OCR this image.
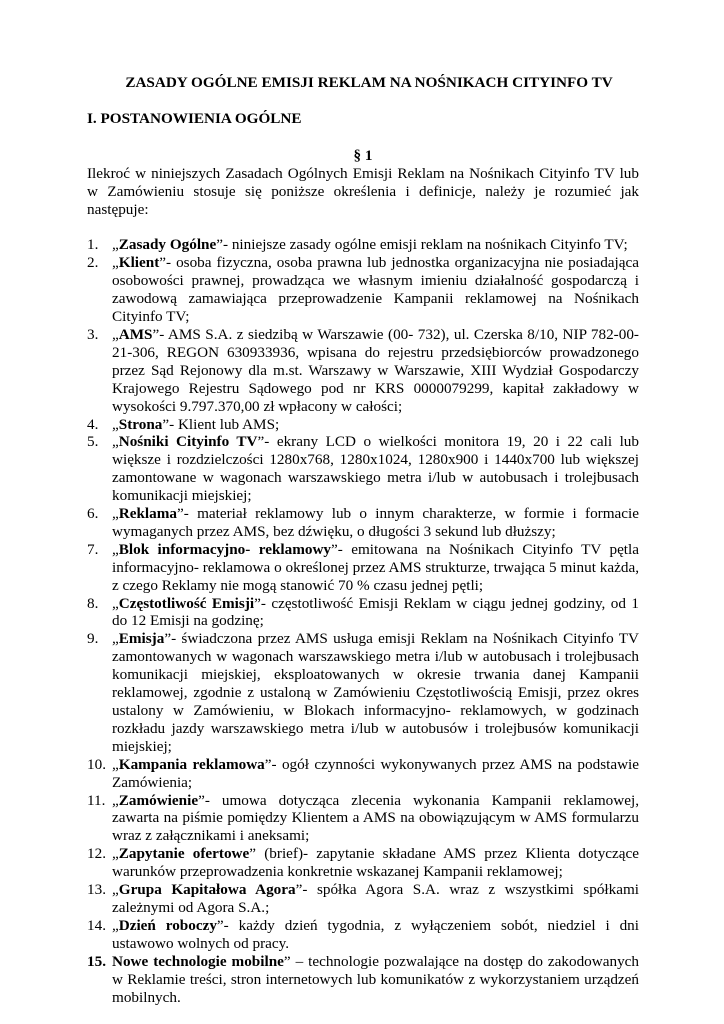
ZASADY OGÓLNE EMISJI REKLAM NA NOŚNIKACH CITYINFO TV

I. POSTANOWIENIA OGÓLNE

§ 1

Ilekroć w niniejszych Zasadach Ogólnych Emisji Reklam na Nośnikach Cityinfo TV lub w Zamówieniu stosuje się poniższe określenia i definicje, należy je rozumieć jak następuje:

1. „Zasady Ogólne”- niniejsze zasady ogólne emisji reklam na nośnikach Cityinfo TV;
2. „Klient”- osoba fizyczna, osoba prawna lub jednostka organizacyjna nie posiadająca osobowości prawnej, prowadząca we własnym imieniu działalność gospodarczą i zawodową zamawiająca przeprowadzenie Kampanii reklamowej na Nośnikach Cityinfo TV;
3. „AMS”- AMS S.A. z siedzibą w Warszawie (00- 732), ul. Czerska 8/10, NIP 782-00-21-306, REGON 630933936, wpisana do rejestru przedsiębiorców prowadzonego przez Sąd Rejonowy dla m.st. Warszawy w Warszawie, XIII Wydział Gospodarczy Krajowego Rejestru Sądowego pod nr KRS 0000079299, kapitał zakładowy w wysokości 9.797.370,00 zł wpłacony w całości;
4. „Strona”- Klient lub AMS;
5. „Nośniki Cityinfo TV”- ekrany LCD o wielkości monitora 19, 20 i 22 cali lub większe i rozdzielczości 1280x768, 1280x1024, 1280x900 i 1440x700 lub większej zamontowane w wagonach warszawskiego metra i/lub w autobusach i trolejbusach komunikacji miejskiej;
6. „Reklama”- materiał reklamowy lub o innym charakterze, w formie i formacie wymaganych przez AMS, bez dźwięku, o długości 3 sekund lub dłuższy;
7. „Blok informacyjno- reklamowy”- emitowana na Nośnikach Cityinfo TV pętla informacyjno- reklamowa o określonej przez AMS strukturze, trwająca 5 minut każda, z czego Reklamy nie mogą stanowić 70 % czasu jednej pętli;
8. „Częstotliwość Emisji”- częstotliwość Emisji Reklam w ciągu jednej godziny, od 1 do 12 Emisji na godzinę;
9. „Emisja”- świadczona przez AMS usługa emisji Reklam na Nośnikach Cityinfo TV zamontowanych w wagonach warszawskiego metra i/lub w autobusach i trolejbusach komunikacji miejskiej, eksploatowanych w okresie trwania danej Kampanii reklamowej, zgodnie z ustaloną w Zamówieniu Częstotliwością Emisji, przez okres ustalony w Zamówieniu, w Blokach informacyjno- reklamowych, w godzinach rozkładu jazdy warszawskiego metra i/lub w autobusów i trolejbusów komunikacji miejskiej;
10. „Kampania reklamowa”- ogół czynności wykonywanych przez AMS na podstawie Zamówienia;
11. „Zamówienie”- umowa dotycząca zlecenia wykonania Kampanii reklamowej, zawarta na piśmie pomiędzy Klientem a AMS na obowiązującym w AMS formularzu wraz z załącznikami i aneksami;
12. „Zapytanie ofertowe” (brief)- zapytanie składane AMS przez Klienta dotyczące warunków przeprowadzenia konkretnie wskazanej Kampanii reklamowej;
13. „Grupa Kapitałowa Agora”- spółka Agora S.A. wraz z wszystkimi spółkami zależnymi od Agora S.A.;
14. „Dzień roboczy”- każdy dzień tygodnia, z wyłączeniem sobót, niedziel i dni ustawowo wolnych od pracy.
15. Nowe technologie mobilne” – technologie pozwalające na dostęp do zakodowanych w Reklamie treści, stron internetowych lub komunikatów z wykorzystaniem urządzeń mobilnych.
